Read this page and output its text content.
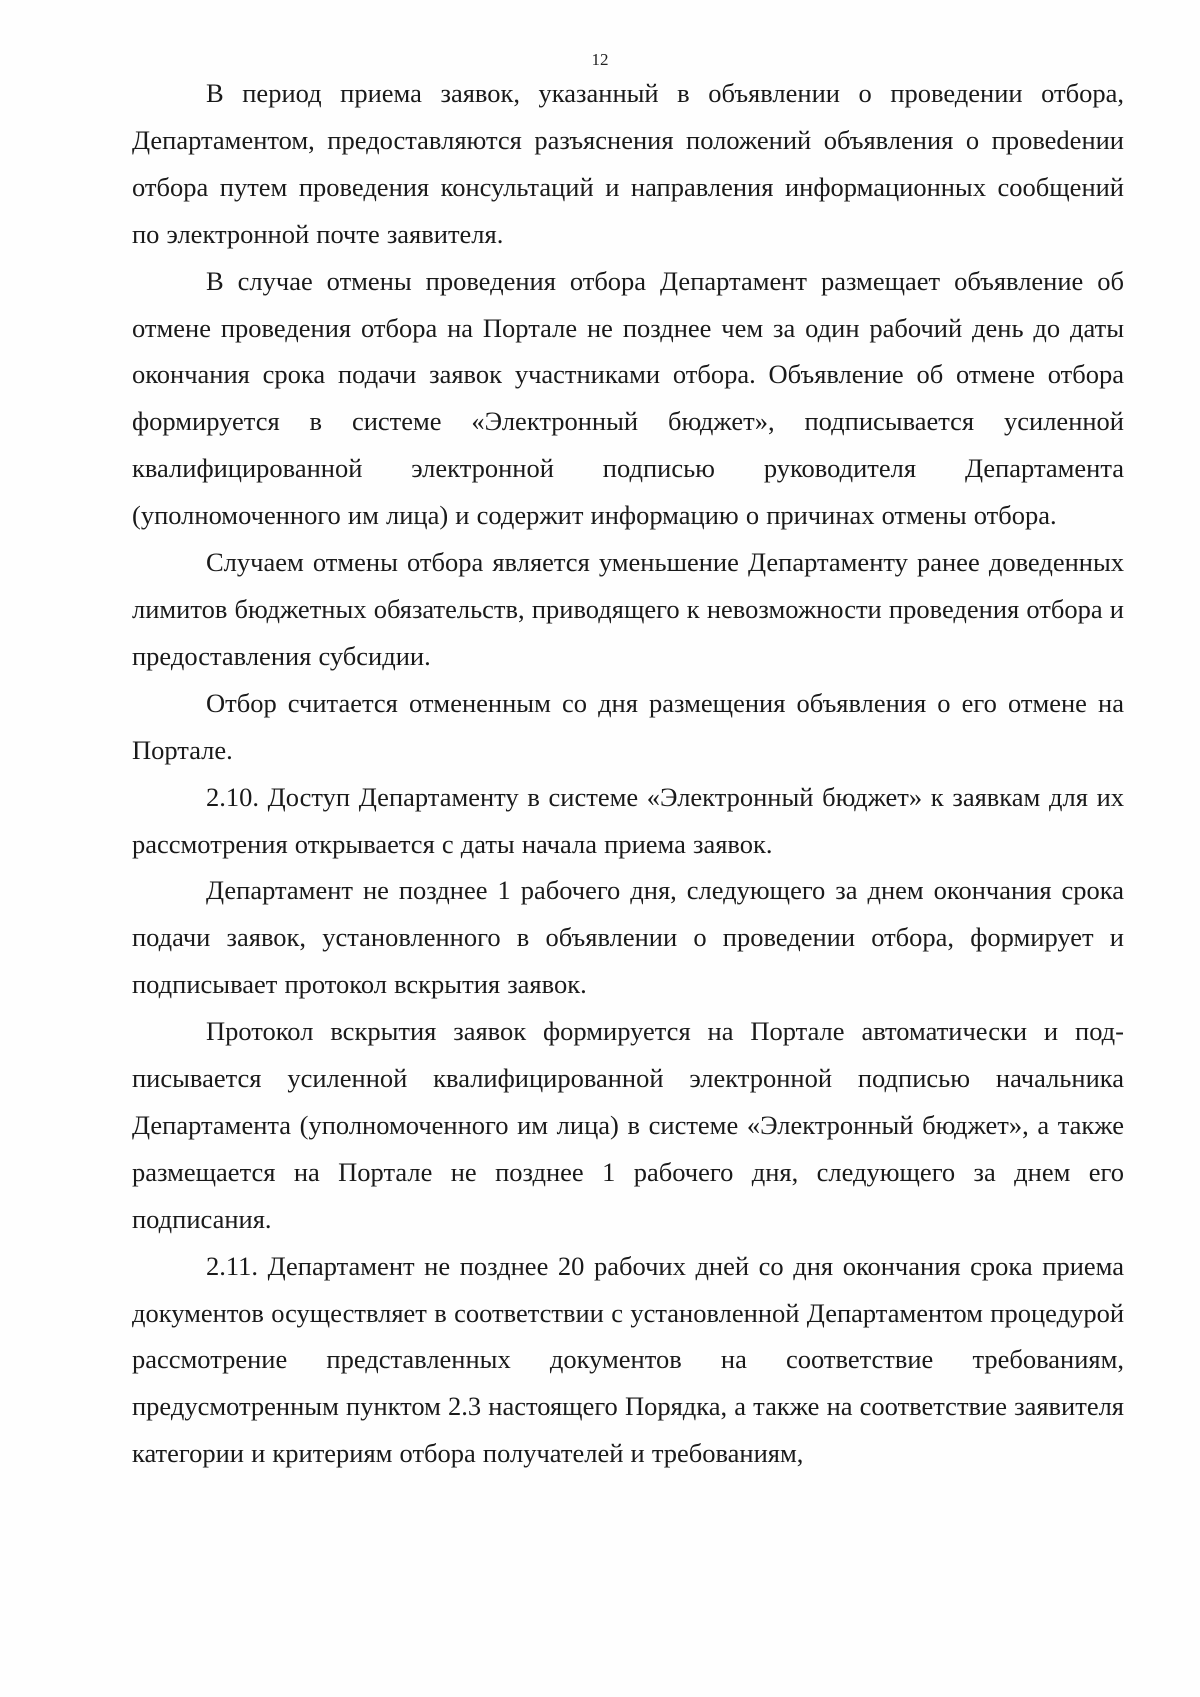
12

В период приема заявок, указанный в объявлении о проведении отбора, Департаментом, предоставляются разъяснения положений объявления о провеdении отбора путем проведения консультаций и направления информационных сообщений по электронной почте заявителя.

В случае отмены проведения отбора Департамент размещает объявление об отмене проведения отбора на Портале не позднее чем за один рабочий день до даты окончания срока подачи заявок участниками отбора. Объявление об отмене отбора формируется в системе «Электронный бюджет», подписывается усиленной квалифицированной электронной подписью руководителя Департамента (уполномоченного им лица) и содержит информацию о причинах отмены отбора.

Случаем отмены отбора является уменьшение Департаменту ранее доведенных лимитов бюджетных обязательств, приводящего к невозможности проведения отбора и предоставления субсидии.

Отбор считается отмененным со дня размещения объявления о его отмене на Портале.

2.10. Доступ Департаменту в системе «Электронный бюджет» к заявкам для их рассмотрения открывается с даты начала приема заявок.

Департамент не позднее 1 рабочего дня, следующего за днем окончания срока подачи заявок, установленного в объявлении о проведении отбора, формирует и подписывает протокол вскрытия заявок.

Протокол вскрытия заявок формируется на Портале автоматически и подписывается усиленной квалифицированной электронной подписью начальника Департамента (уполномоченного им лица) в системе «Электронный бюджет», а также размещается на Портале не позднее 1 рабочего дня, следующего за днем его подписания.

2.11. Департамент не позднее 20 рабочих дней со дня окончания срока приема документов осуществляет в соответствии с установленной Департаментом процедурой рассмотрение представленных документов на соответствие требованиям, предусмотренным пунктом 2.3 настоящего Порядка, а также на соответствие заявителя категории и критериям отбора получателей и требованиям,
